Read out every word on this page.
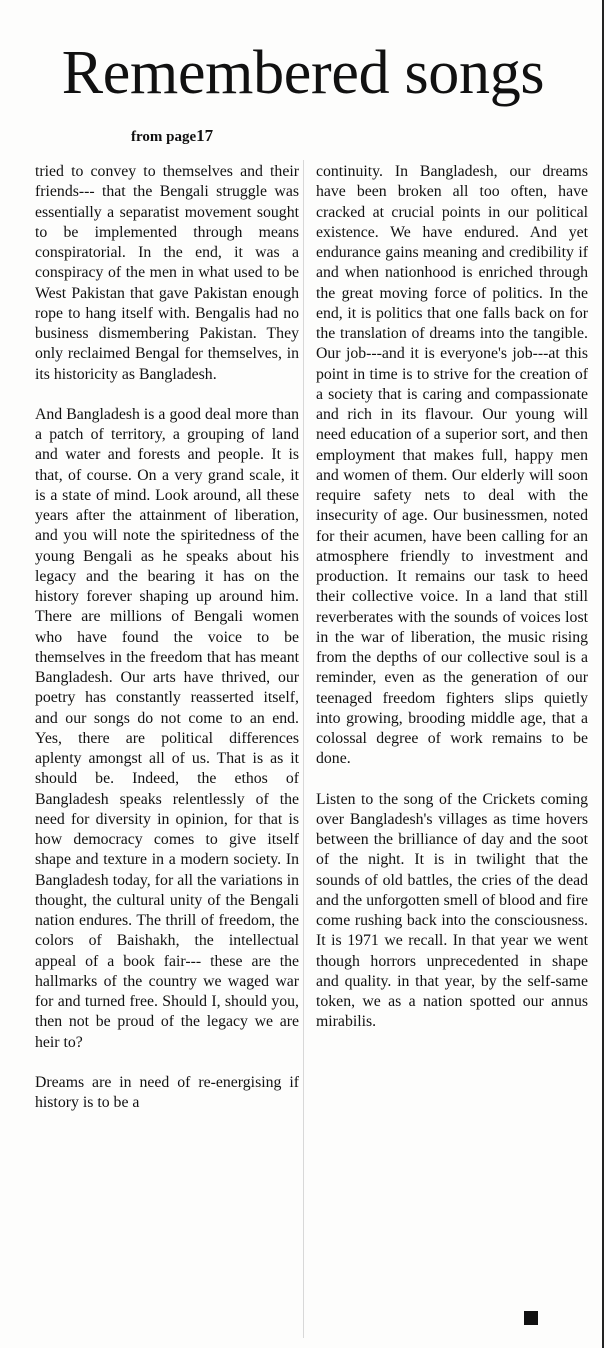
Remembered songs
from page17

tried to convey to themselves and their friends--- that the Bengali struggle was essentially a separatist movement sought to be implemented through means conspiratorial. In the end, it was a conspiracy of the men in what used to be West Pakistan that gave Pakistan enough rope to hang itself with. Bengalis had no business dismembering Pakistan. They only reclaimed Bengal for themselves, in its historicity as Bangladesh.

And Bangladesh is a good deal more than a patch of territory, a grouping of land and water and forests and people. It is that, of course. On a very grand scale, it is a state of mind. Look around, all these years after the attainment of liberation, and you will note the spiritedness of the young Bengali as he speaks about his legacy and the bearing it has on the history forever shaping up around him. There are millions of Bengali women who have found the voice to be themselves in the freedom that has meant Bangladesh. Our arts have thrived, our poetry has constantly reasserted itself, and our songs do not come to an end. Yes, there are political differences aplenty amongst all of us. That is as it should be. Indeed, the ethos of Bangladesh speaks relentlessly of the need for diversity in opinion, for that is how democracy comes to give itself shape and texture in a modern society. In Bangladesh today, for all the variations in thought, the cultural unity of the Bengali nation endures. The thrill of freedom, the colors of Baishakh, the intellectual appeal of a book fair--- these are the hallmarks of the country we waged war for and turned free. Should I, should you, then not be proud of the legacy we are heir to?

Dreams are in need of re-energising if history is to be a

continuity. In Bangladesh, our dreams have been broken all too often, have cracked at crucial points in our political existence. We have endured. And yet endurance gains meaning and credibility if and when nationhood is enriched through the great moving force of politics. In the end, it is politics that one falls back on for the translation of dreams into the tangible. Our job---and it is everyone's job---at this point in time is to strive for the creation of a society that is caring and compassionate and rich in its flavour. Our young will need education of a superior sort, and then employment that makes full, happy men and women of them. Our elderly will soon require safety nets to deal with the insecurity of age. Our businessmen, noted for their acumen, have been calling for an atmosphere friendly to investment and production. It remains our task to heed their collective voice. In a land that still reverberates with the sounds of voices lost in the war of liberation, the music rising from the depths of our collective soul is a reminder, even as the generation of our teenaged freedom fighters slips quietly into growing, brooding middle age, that a colossal degree of work remains to be done.

Listen to the song of the Crickets coming over Bangladesh's villages as time hovers between the brilliance of day and the soot of the night. It is in twilight that the sounds of old battles, the cries of the dead and the unforgotten smell of blood and fire come rushing back into the consciousness. It is 1971 we recall. In that year we went though horrors unprecedented in shape and quality. in that year, by the self-same token, we as a nation spotted our annus mirabilis.
